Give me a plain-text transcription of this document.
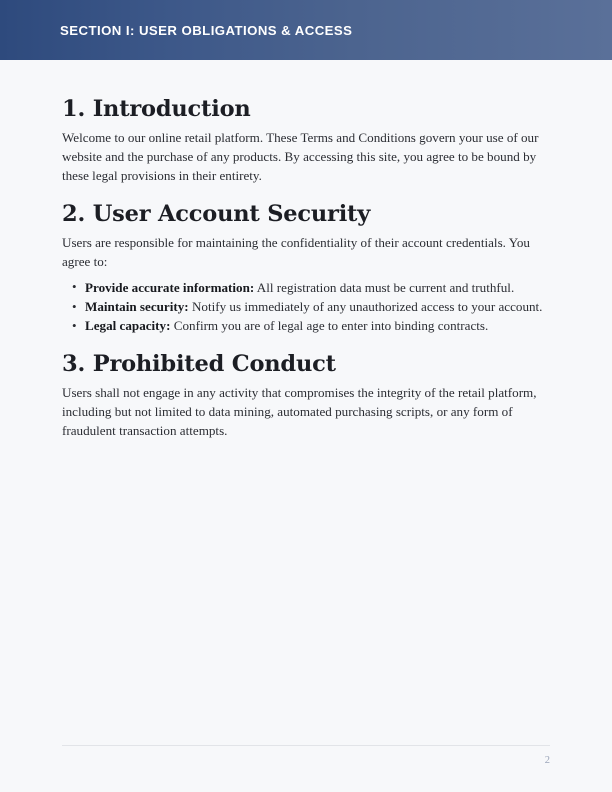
SECTION I: USER OBLIGATIONS & ACCESS
1. Introduction

Welcome to our online retail platform. These Terms and Conditions govern your use of our website and the purchase of any products. By accessing this site, you agree to be bound by these legal provisions in their entirety.

2. User Account Security

Users are responsible for maintaining the confidentiality of their account credentials. You agree to:

• Provide accurate information: All registration data must be current and truthful.
• Maintain security: Notify us immediately of any unauthorized access to your account.
• Legal capacity: Confirm you are of legal age to enter into binding contracts.
3. Prohibited Conduct

Users shall not engage in any activity that compromises the integrity of the retail platform, including but not limited to data mining, automated purchasing scripts, or any form of fraudulent transaction attempts.

2
